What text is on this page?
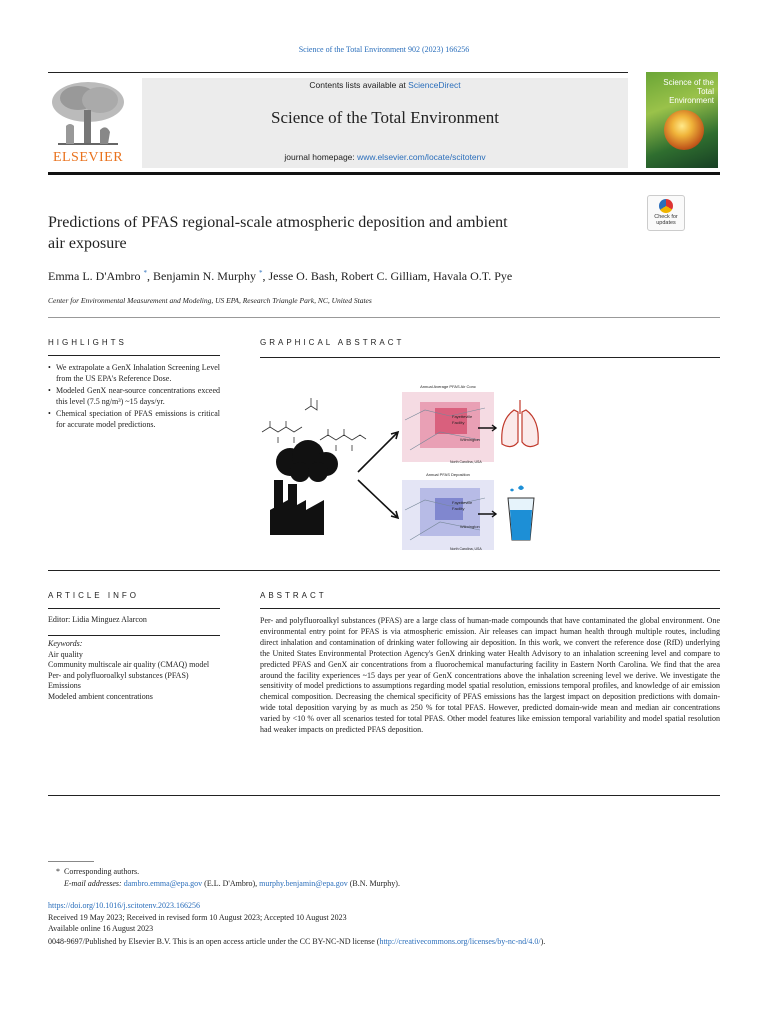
Science of the Total Environment 902 (2023) 166256
ELSEVIER
Contents lists available at ScienceDirect
Science of the Total Environment
journal homepage: www.elsevier.com/locate/scitotenv
Science of the
Total Environment
Check for
updates
Predictions of PFAS regional-scale atmospheric deposition and ambient
air exposure
Emma L. D'Ambro *, Benjamin N. Murphy *, Jesse O. Bash, Robert C. Gilliam, Havala O.T. Pye
Center for Environmental Measurement and Modeling, US EPA, Research Triangle Park, NC, United States
HIGHLIGHTS
• We extrapolate a GenX Inhalation Screening Level from the US EPA's Reference Dose.
• Modeled GenX near-source concentrations exceed this level (7.5 ng/m³) ~15 days/yr.
• Chemical speciation of PFAS emissions is critical for accurate model predictions.
GRAPHICAL ABSTRACT
Annual Average PFAS Air Conc
Fayetteville
Facility
Wilmington
North Carolina, USA
Annual PFAS Deposition
Fayetteville
Facility
Wilmington
North Carolina, USA
ARTICLE INFO
Editor: Lidia Minguez Alarcon
Keywords:
Air quality
Community multiscale air quality (CMAQ) model
Per- and polyfluoroalkyl substances (PFAS)
Emissions
Modeled ambient concentrations
ABSTRACT
Per- and polyfluoroalkyl substances (PFAS) are a large class of human-made compounds that have contaminated the global environment. One environmental entry point for PFAS is via atmospheric emission. Air releases can impact human health through multiple routes, including direct inhalation and contamination of drinking water following air deposition. In this work, we convert the reference dose (RfD) underlying the United States Environmental Protection Agency's GenX drinking water Health Advisory to an inhalation screening level and compare to predicted PFAS and GenX air concentrations from a fluorochemical manufacturing facility in Eastern North Carolina. We find that the area around the facility experiences ~15 days per year of GenX concentrations above the inhalation screening level we derive. We investigate the sensitivity of model predictions to assumptions regarding model spatial resolution, emissions temporal profiles, and knowledge of air emission chemical composition. Decreasing the chemical specificity of PFAS emissions has the largest impact on deposition predictions with domain-wide total deposition varying by as much as 250 % for total PFAS. However, predicted domain-wide mean and median air concentrations varied by <10 % over all scenarios tested for total PFAS. Other model features like emission temporal variability and model spatial resolution had weaker impacts on predicted PFAS deposition.
* Corresponding authors.
E-mail addresses: dambro.emma@epa.gov (E.L. D'Ambro), murphy.benjamin@epa.gov (B.N. Murphy).
https://doi.org/10.1016/j.scitotenv.2023.166256
Received 19 May 2023; Received in revised form 10 August 2023; Accepted 10 August 2023
Available online 16 August 2023
0048-9697/Published by Elsevier B.V. This is an open access article under the CC BY-NC-ND license (http://creativecommons.org/licenses/by-nc-nd/4.0/).
